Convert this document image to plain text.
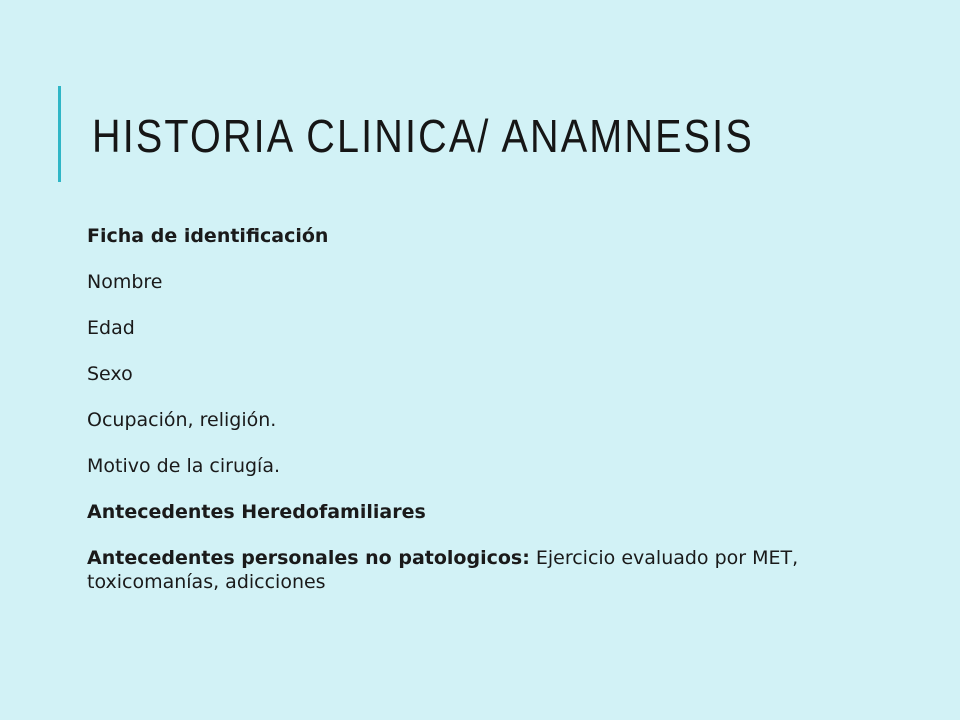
HISTORIA CLINICA/ ANAMNESIS
Ficha de identificación
Nombre
Edad
Sexo
Ocupación, religión.
Motivo de la cirugía.
Antecedentes Heredofamiliares
Antecedentes personales no patologicos: Ejercicio evaluado por MET, toxicomanías, adicciones
